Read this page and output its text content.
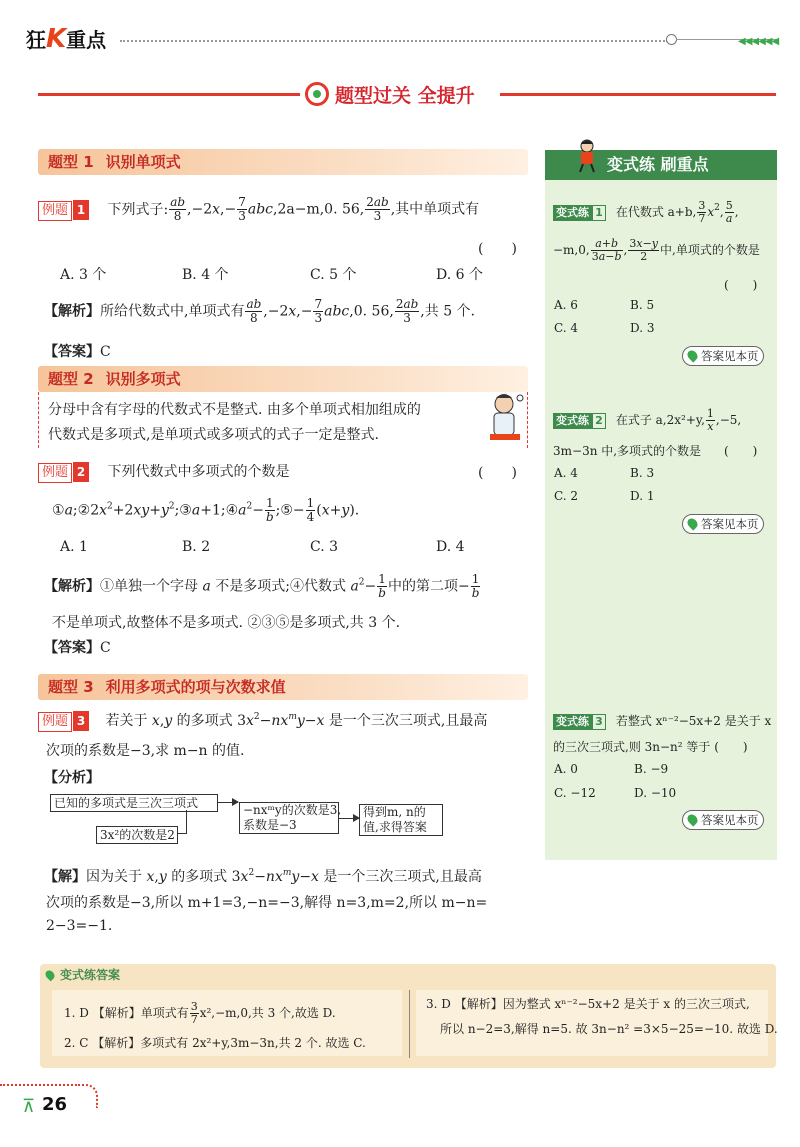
狂K重点	◀◀◀◀◀◀
题型过关 全提升
题型 1 识别单项式
例题 1 下列式子: $\frac{ab}{8} ,-2x,- \frac{7}{3} abc,2a-m,0$. 56, $\frac{2ab}{3}$ ,其中单项式有
(　　)
A. 3 个	B. 4 个	C. 5 个	D. 6 个
【解析】所给代数式中,单项式有 $\frac{ab}{8} ,-2x,- \frac{7}{3} abc,0$. 56, $\frac{2ab}{3}$ ,共 5 个.
【答案】C
题型 2 识别多项式
分母中含有字母的代数式不是整式. 由多个单项式相加组成的
代数式是多项式,是单项式或多项式的式子一定是整式.
例题 2 下列代数式中多项式的个数是	(　　)
$①a;②2x^2+2xy+y^2;③a+1;④a^2- \frac{1}{b}$ ;⑤− $\frac{1}{4} (x+y)$.
A. 1	B. 2	C. 3	D. 4
【解析】①单独一个字母 a 不是多项式;④代数式 $a^2- \frac{1}{b}$ 中的第二项− $\frac{1}{b}$
不是单项式,故整体不是多项式. ②③⑤是多项式,共 3 个.
【答案】C
题型 3 利用多项式的项与次数求值
例题 3 若关于 x,y 的多项式 $3x^2-nx^my-x$ 是一个三次三项式,且最高
次项的系数是−3,求 m−n 的值.
【分析】
已知的多项式是三次三项式
3x²的次数是2
−nxᵐy的次数是3,
系数是−3
得到m, n的
值,求得答案
【解】因为关于 x,y 的多项式 $3x^2-nx^my-x$ 是一个三次三项式,且最高
次项的系数是−3,所以 m+1=3,−n=−3,解得 n=3,m=2,所以 m−n=
2−3=−1.
变式练 刷重点
变式练 1 在代数式 a+b, $\frac{3}{7} x^2$, $\frac{5}{a}$ ,
−m,0, $\frac{a+b}{3a-b}$ , $\frac{3x-y}{2}$ 中,单项式的个数是
(　　)
A. 6	B. 5
C. 4	D. 3
答案见本页
变式练 2 在式子 a,2x²+y, $\frac{1}{x} ,-5$,
3m−3n 中,多项式的个数是 (　　)
A. 4	B. 3
C. 2	D. 1
答案见本页
变式练 3 若整式 xⁿ⁻²−5x+2 是关于 x
的三次三项式,则 3n−n² 等于 (　　)
A. 0	B. −9
C. −12	D. −10
答案见本页
变式练答案
1. D 【解析】单项式有 $\frac{3}{7} x^2,-m,0$,共 3 个,故选 D.
2. C 【解析】多项式有 2x²+y,3m−3n,共 2 个. 故选 C.
3. D 【解析】因为整式 xⁿ⁻²−5x+2 是关于 x 的三次三项式,
所以 n−2=3,解得 n=5. 故 3n−n² =3×5−25=−10. 故选 D.
⊼ 26
